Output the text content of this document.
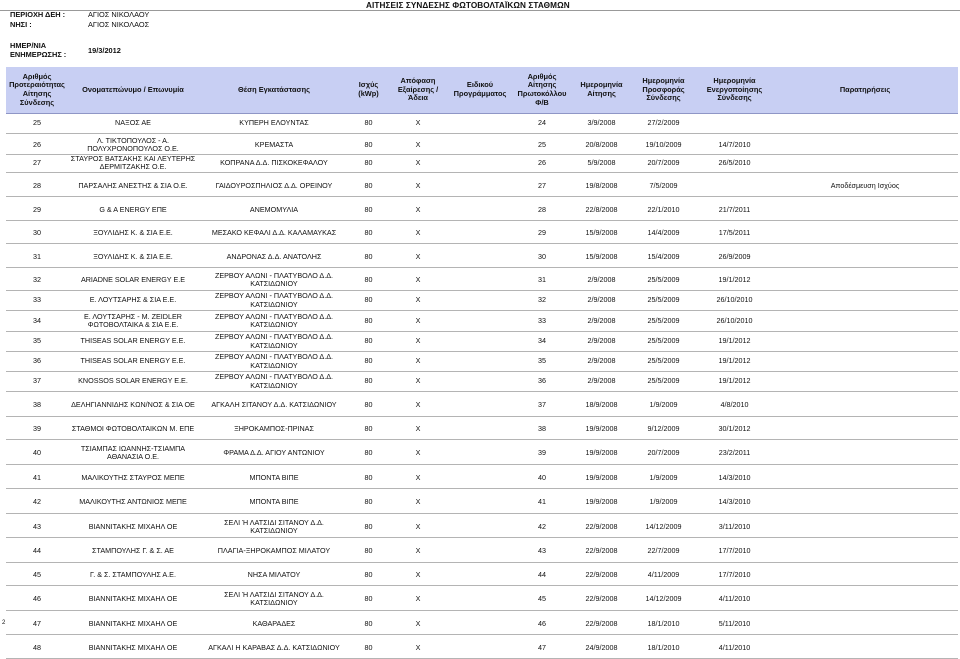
ΑΙΤΗΣΕΙΣ ΣΥΝΔΕΣΗΣ ΦΩΤΟΒΟΛΤΑΪΚΩΝ ΣΤΑΘΜΩΝ
ΠΕΡΙΟΧΗ ΔΕΗ :	ΑΓΙΟΣ ΝΙΚΟΛΑΟΥ
ΝΗΣΙ :	ΑΓΙΟΣ ΝΙΚΟΛΑΟΣ
ΗΜΕΡ/ΝΙΑ
ΕΝΗΜΕΡΩΣΗΣ :	19/3/2012
Αριθμός Προτεραιότητας Αίτησης Σύνδεσης	Ονοματεπώνυμο / Επωνυμία	Θέση Εγκατάστασης	Ισχύς (kWp)	Απόφαση Εξαίρεσης / Άδεια	Ειδικού Προγράμματος	Αριθμός Αίτησης Πρωτοκόλλου Φ/Β	Ημερομηνία Αίτησης	Ημερομηνία Προσφοράς Σύνδεσης	Ημερομηνία Ενεργοποίησης Σύνδεσης	Παρατηρήσεις
25	ΝΑΞΟΣ ΑΕ	ΚΥΠΕΡΗ ΕΛΟΥΝΤΑΣ	80	Χ		24	3/9/2008	27/2/2009		

26	Λ. ΤΙΚΤΟΠΟΥΛΟΣ - Α. ΠΟΛΥΧΡΟΝΟΠΟΥΛΟΣ Ο.Ε.	ΚΡΕΜΑΣΤΑ	80	Χ		25	20/8/2008	19/10/2009	14/7/2010	
27	ΣΤΑΥΡΟΣ ΒΑΤΣΑΚΗΣ ΚΑΙ ΛΕΥΤΕΡΗΣ ΔΕΡΜΙΤΖΑΚΗΣ Ο.Ε.	ΚΟΠΡΑΝΑ Δ.Δ. ΠΙΣΚΟΚΕΦΑΛΟΥ	80	Χ		26	5/9/2008	20/7/2009	26/5/2010	

28	ΠΑΡΣΑΛΗΣ ΑΝΕΣΤΗΣ & ΣΙΑ Ο.Ε.	ΓΑΙΔΟΥΡΟΣΠΗΛΙΟΣ Δ.Δ. ΟΡΕΙΝΟΥ	80	Χ		27	19/8/2008	7/5/2009		Αποδέσμευση Ισχύος

29	G & A ENERGY ΕΠΕ	ΑΝΕΜΟΜΥΛΙΑ	80	Χ		28	22/8/2008	22/1/2010	21/7/2011	

30	ΞΟΥΛΙΔΗΣ Κ. & ΣΙΑ Ε.Ε.	ΜΕΣΑΚΟ ΚΕΦΑΛΙ Δ.Δ. ΚΑΛΑΜΑΥΚΑΣ	80	Χ		29	15/9/2008	14/4/2009	17/5/2011	

31	ΞΟΥΛΙΔΗΣ Κ. & ΣΙΑ Ε.Ε.	ΑΝΔΡΟΝΑΣ Δ.Δ. ΑΝΑΤΟΛΗΣ	80	Χ		30	15/9/2008	15/4/2009	26/9/2009	

32	ARIADNE SOLAR ENERGY Ε.Ε	ΖΕΡΒΟΥ ΑΛΩΝΙ - ΠΛΑΤΥΒΟΛΟ Δ.Δ. ΚΑΤΣΙΔΩΝΙΟΥ	80	Χ		31	2/9/2008	25/5/2009	19/1/2012	
33	Ε. ΛΟΥΤΣΑΡΗΣ & ΣΙΑ Ε.Ε.	ΖΕΡΒΟΥ ΑΛΩΝΙ - ΠΛΑΤΥΒΟΛΟ Δ.Δ. ΚΑΤΣΙΔΩΝΙΟΥ	80	Χ		32	2/9/2008	25/5/2009	26/10/2010	
34	Ε. ΛΟΥΤΣΑΡΗΣ - Μ. ZEIDLER ΦΩΤΟΒΟΛΤΑΙΚΑ & ΣΙΑ Ε.Ε.	ΖΕΡΒΟΥ ΑΛΩΝΙ - ΠΛΑΤΥΒΟΛΟ Δ.Δ. ΚΑΤΣΙΔΩΝΙΟΥ	80	Χ		33	2/9/2008	25/5/2009	26/10/2010	
35	THISEAS SOLAR ENERGY Ε.Ε.	ΖΕΡΒΟΥ ΑΛΩΝΙ - ΠΛΑΤΥΒΟΛΟ Δ.Δ. ΚΑΤΣΙΔΩΝΙΟΥ	80	Χ		34	2/9/2008	25/5/2009	19/1/2012	
36	THISEAS SOLAR ENERGY Ε.Ε.	ΖΕΡΒΟΥ ΑΛΩΝΙ - ΠΛΑΤΥΒΟΛΟ Δ.Δ. ΚΑΤΣΙΔΩΝΙΟΥ	80	Χ		35	2/9/2008	25/5/2009	19/1/2012	
37	KNOSSOS SOLAR ENERGY Ε.Ε.	ΖΕΡΒΟΥ ΑΛΩΝΙ - ΠΛΑΤΥΒΟΛΟ Δ.Δ. ΚΑΤΣΙΔΩΝΙΟΥ	80	Χ		36	2/9/2008	25/5/2009	19/1/2012	

38	ΔΕΛΗΓΙΑΝΝΙΔΗΣ ΚΩΝ/ΝΟΣ & ΣΙΑ ΟΕ	ΑΓΚΑΛΗ ΣΙΤΑΝΟΥ Δ.Δ. ΚΑΤΣΙΔΩΝΙΟΥ	80	Χ		37	18/9/2008	1/9/2009	4/8/2010	

39	ΣΤΑΘΜΟΙ ΦΩΤΟΒΟΛΤΑΙΚΩΝ Μ. ΕΠΕ	ΞΗΡΟΚΑΜΠΟΣ-ΠΡΙΝΑΣ	80	Χ		38	19/9/2008	9/12/2009	30/1/2012	

40	ΤΣΙΑΜΠΑΣ ΙΩΑΝΝΗΣ-ΤΣΙΑΜΠΑ ΑΘΑΝΑΣΙΑ Ο.Ε.	ΦΡΑΜΑ Δ.Δ. ΑΓΙΟΥ ΑΝΤΩΝΙΟΥ	80	Χ		39	19/9/2008	20/7/2009	23/2/2011	

41	ΜΑΛΙΚΟΥΤΗΣ ΣΤΑΥΡΟΣ ΜΕΠΕ	ΜΠΟΝΤΑ ΒΙΠΕ	80	Χ		40	19/9/2008	1/9/2009	14/3/2010	

42	ΜΑΛΙΚΟΥΤΗΣ ΑΝΤΩΝΙΟΣ ΜΕΠΕ	ΜΠΟΝΤΑ ΒΙΠΕ	80	Χ		41	19/9/2008	1/9/2009	14/3/2010	

43	ΒΙΑΝΝΙΤΑΚΗΣ ΜΙΧΑΗΛ ΟΕ	ΣΕΛΙ Ή ΛΑΤΣΙΔΙ ΣΙΤΑΝΟΥ Δ.Δ. ΚΑΤΣΙΔΩΝΙΟΥ	80	Χ		42	22/9/2008	14/12/2009	3/11/2010	

44	ΣΤΑΜΠΟΥΛΗΣ Γ. & Σ. ΑΕ	ΠΛΑΓΙΑ-ΞΗΡΟΚΑΜΠΟΣ ΜΙΛΑΤΟΥ	80	Χ		43	22/9/2008	22/7/2009	17/7/2010	

45	Γ. & Σ. ΣΤΑΜΠΟΥΛΗΣ Α.Ε.	ΝΗΣΑ ΜΙΛΑΤΟΥ	80	Χ		44	22/9/2008	4/11/2009	17/7/2010	

46	ΒΙΑΝΝΙΤΑΚΗΣ ΜΙΧΑΗΛ ΟΕ	ΣΕΛΙ Ή ΛΑΤΣΙΔΙ ΣΙΤΑΝΟΥ Δ.Δ. ΚΑΤΣΙΔΩΝΙΟΥ	80	Χ		45	22/9/2008	14/12/2009	4/11/2010	

47	ΒΙΑΝΝΙΤΑΚΗΣ ΜΙΧΑΗΛ ΟΕ	ΚΑΘΑΡΑΔΕΣ	80	Χ		46	22/9/2008	18/1/2010	5/11/2010	

48	ΒΙΑΝΝΙΤΑΚΗΣ ΜΙΧΑΗΛ ΟΕ	ΑΓΚΑΛΙ Η ΚΑΡΑΒΑΣ Δ.Δ. ΚΑΤΣΙΔΩΝΙΟΥ	80	Χ		47	24/9/2008	18/1/2010	4/11/2010	
2
